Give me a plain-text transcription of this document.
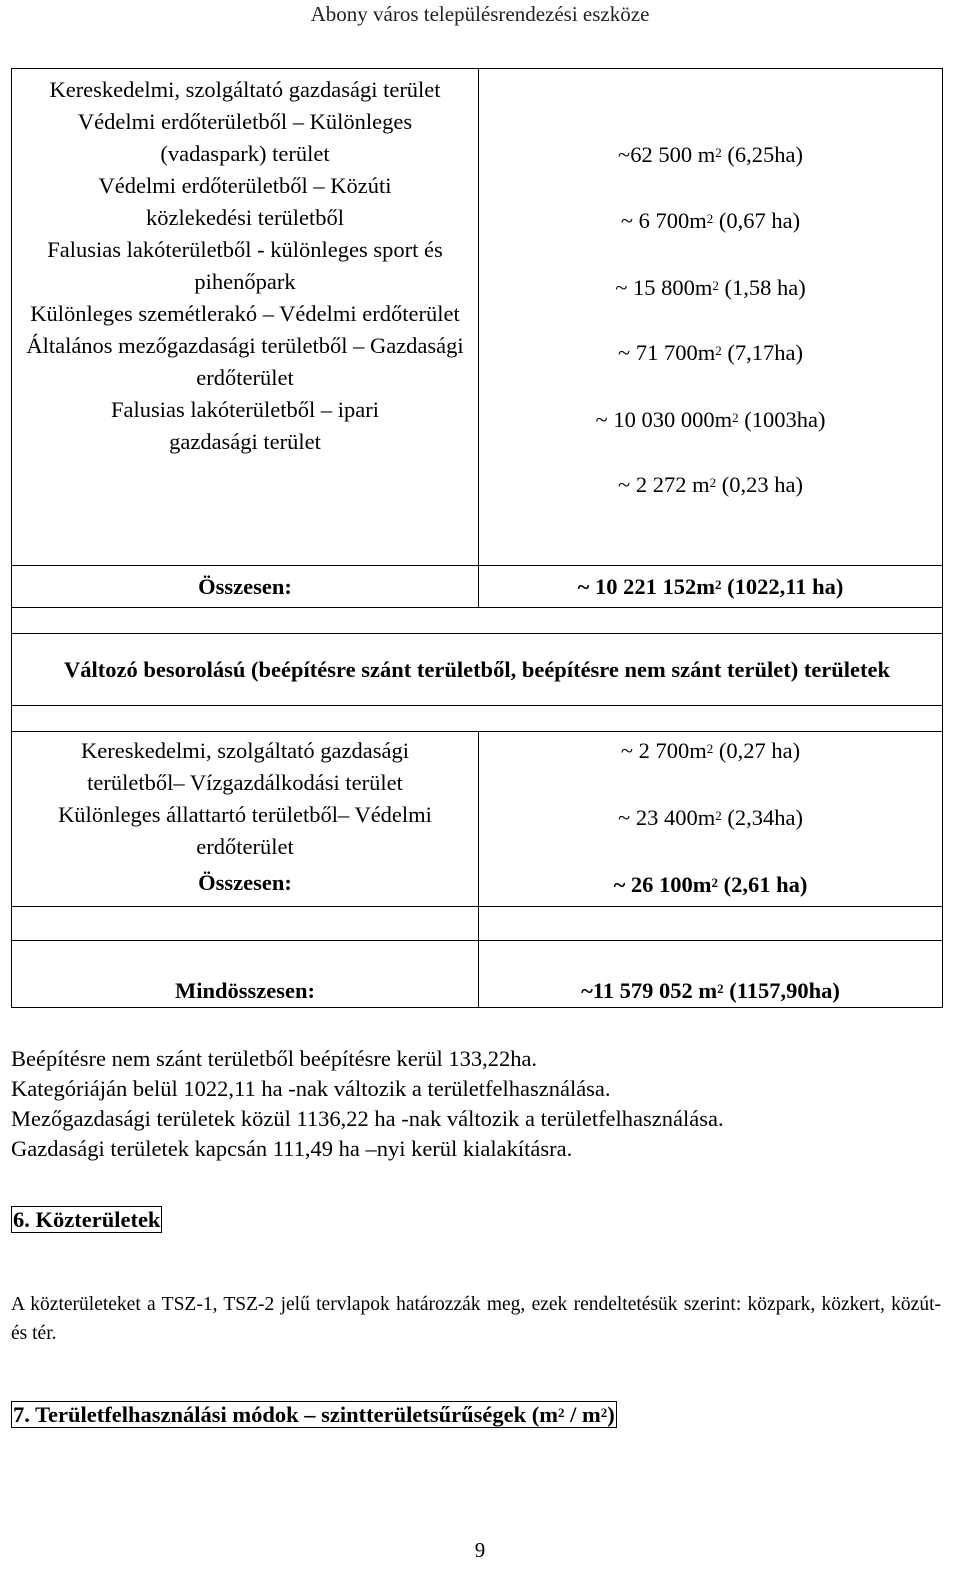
Abony város településrendezési eszköze
Kereskedelmi, szolgáltató gazdasági terület
Védelmi erdőterületből – Különleges (vadaspark) terület
Védelmi erdőterületből – Közúti közlekedési területből
Falusias lakóterületből - különleges sport és pihenőpark
Különleges szemétlerakó – Védelmi erdőterület
Általános mezőgazdasági területből – Gazdasági erdőterület
Falusias lakóterületből – ipari gazdasági terület
~62 500 $m^2$ (6,25ha)
~ 6 $700m^2$ (0,67 ha)
~ 15 $800m^2$ (1,58 ha)
~ 71 $700m^2$ (7,17ha)
~ 10 030 $000m^2$ (1003ha)
~ 2 272 $m^2$ (0,23 ha)
Összesen:	~ 10 221 $152m^2$ (1022,11 ha)
Változó besorolású (beépítésre szánt területből, beépítésre nem szánt terület) területek
Kereskedelmi, szolgáltató gazdasági területből– Vízgazdálkodási terület
Különleges állattartó területből– Védelmi erdőterület
Összesen:
~ 2 $700m^2$ (0,27 ha)
~ 23 $400m^2$ (2,34ha)
~ 26 $100m^2$ (2,61 ha)
Mindösszesen:	~11 579 052 $m^2$ (1157,90ha)
Beépítésre nem szánt területből beépítésre kerül 133,22ha.
Kategóriáján belül 1022,11 ha -nak változik a területfelhasználása.
Mezőgazdasági területek közül 1136,22 ha -nak változik a területfelhasználása.
Gazdasági területek kapcsán 111,49 ha –nyi kerül kialakításra.
6. Közterületek
A közterületeket a TSZ-1, TSZ-2 jelű tervlapok határozzák meg, ezek rendeltetésük szerint: közpark, közkert, közút- és tér.
7. Területfelhasználási módok – szintterületsűrűségek $(m^2 / m^2)$
9
